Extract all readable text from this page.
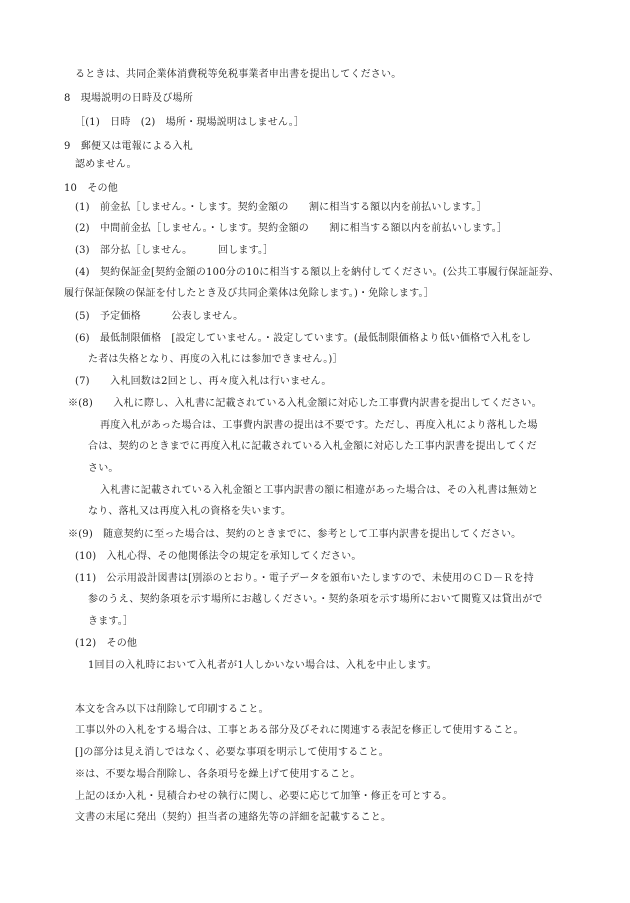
るときは、共同企業体消費税等免税事業者申出書を提出してください。
8　現場説明の日時及び場所
［(1)　日時　(2)　場所・現場説明はしません。］
9　郵便又は電報による入札
認めません。
10　その他
(1)　前金払［しません。・します。契約金額の　　割に相当する額以内を前払いします。］
(2)　中間前金払［しません。・します。契約金額の　　割に相当する額以内を前払いします。］
(3)　部分払［しません。　　　回します。］
(4)　契約保証金[契約金額の100分の10に相当する額以上を納付してください。(公共工事履行保証証券、
履行保証保険の保証を付したとき及び共同企業体は免除します。)・免除します。］
(5)　予定価格　　　公表しません。
(6)　最低制限価格　[設定していません。・設定しています。(最低制限価格より低い価格で入札をし
た者は失格となり、再度の入札には参加できません。)］
(7)　　入札回数は2回とし、再々度入札は行いません。
※(8)　　入札に際し、入札書に記載されている入札金額に対応した工事費内訳書を提出してください。
再度入札があった場合は、工事費内訳書の提出は不要です。ただし、再度入札により落札した場
合は、契約のときまでに再度入札に記載されている入札金額に対応した工事内訳書を提出してくだ
さい。
入札書に記載されている入札金額と工事内訳書の額に相違があった場合は、その入札書は無効と
なり、落札又は再度入札の資格を失います。
※(9)　随意契約に至った場合は、契約のときまでに、参考として工事内訳書を提出してください。
(10)　入札心得、その他関係法令の規定を承知してください。
(11)　公示用設計図書は[別添のとおり。・電子データを頒布いたしますので、未使用のＣＤ－Ｒを持
参のうえ、契約条項を示す場所にお越しください。・契約条項を示す場所において閲覧又は貸出がで
きます。］
(12)　その他
1回目の入札時において入札者が1人しかいない場合は、入札を中止します。
本文を含み以下は削除して印刷すること。
工事以外の入札をする場合は、工事とある部分及びそれに関連する表記を修正して使用すること。
[]の部分は見え消しではなく、必要な事項を明示して使用すること。
※は、不要な場合削除し、各条項号を繰上げて使用すること。
上記のほか入札・見積合わせの執行に関し、必要に応じて加筆・修正を可とする。
文書の末尾に発出（契約）担当者の連絡先等の詳細を記載すること。
